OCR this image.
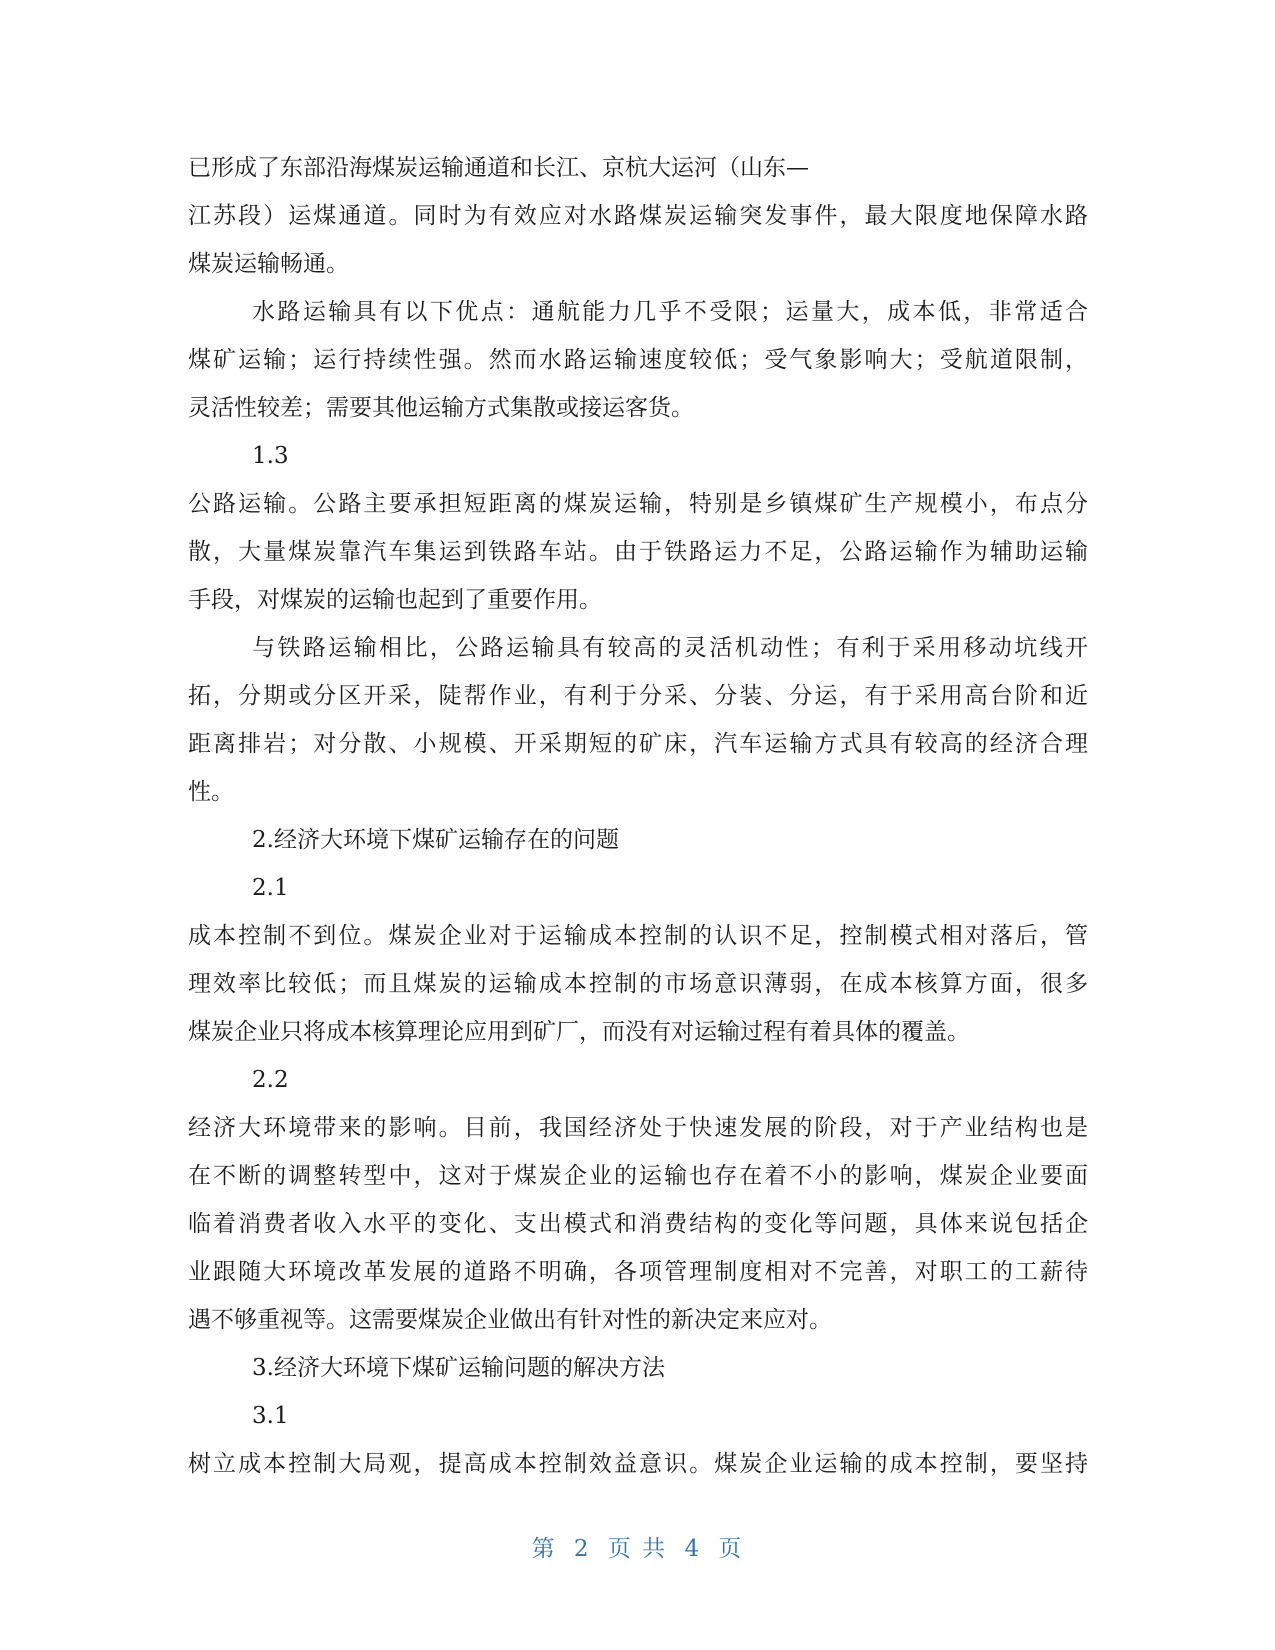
已形成了东部沿海煤炭运输通道和长江、京杭大运河（山东—
江苏段）运煤通道。同时为有效应对水路煤炭运输突发事件，最大限度地保障水路
煤炭运输畅通。
水路运输具有以下优点：通航能力几乎不受限；运量大，成本低，非常适合
煤矿运输；运行持续性强。然而水路运输速度较低；受气象影响大；受航道限制，
灵活性较差；需要其他运输方式集散或接运客货。
1.3
公路运输。公路主要承担短距离的煤炭运输，特别是乡镇煤矿生产规模小，布点分
散，大量煤炭靠汽车集运到铁路车站。由于铁路运力不足，公路运输作为辅助运输
手段，对煤炭的运输也起到了重要作用。
与铁路运输相比，公路运输具有较高的灵活机动性；有利于采用移动坑线开
拓，分期或分区开采，陡帮作业，有利于分采、分装、分运，有于采用高台阶和近
距离排岩；对分散、小规模、开采期短的矿床，汽车运输方式具有较高的经济合理
性。
2.经济大环境下煤矿运输存在的问题
2.1
成本控制不到位。煤炭企业对于运输成本控制的认识不足，控制模式相对落后，管
理效率比较低；而且煤炭的运输成本控制的市场意识薄弱，在成本核算方面，很多
煤炭企业只将成本核算理论应用到矿厂，而没有对运输过程有着具体的覆盖。
2.2
经济大环境带来的影响。目前，我国经济处于快速发展的阶段，对于产业结构也是
在不断的调整转型中，这对于煤炭企业的运输也存在着不小的影响，煤炭企业要面
临着消费者收入水平的变化、支出模式和消费结构的变化等问题，具体来说包括企
业跟随大环境改革发展的道路不明确，各项管理制度相对不完善，对职工的工薪待
遇不够重视等。这需要煤炭企业做出有针对性的新决定来应对。
3.经济大环境下煤矿运输问题的解决方法
3.1
树立成本控制大局观，提高成本控制效益意识。煤炭企业运输的成本控制，要坚持
第 2 页 共 4 页
